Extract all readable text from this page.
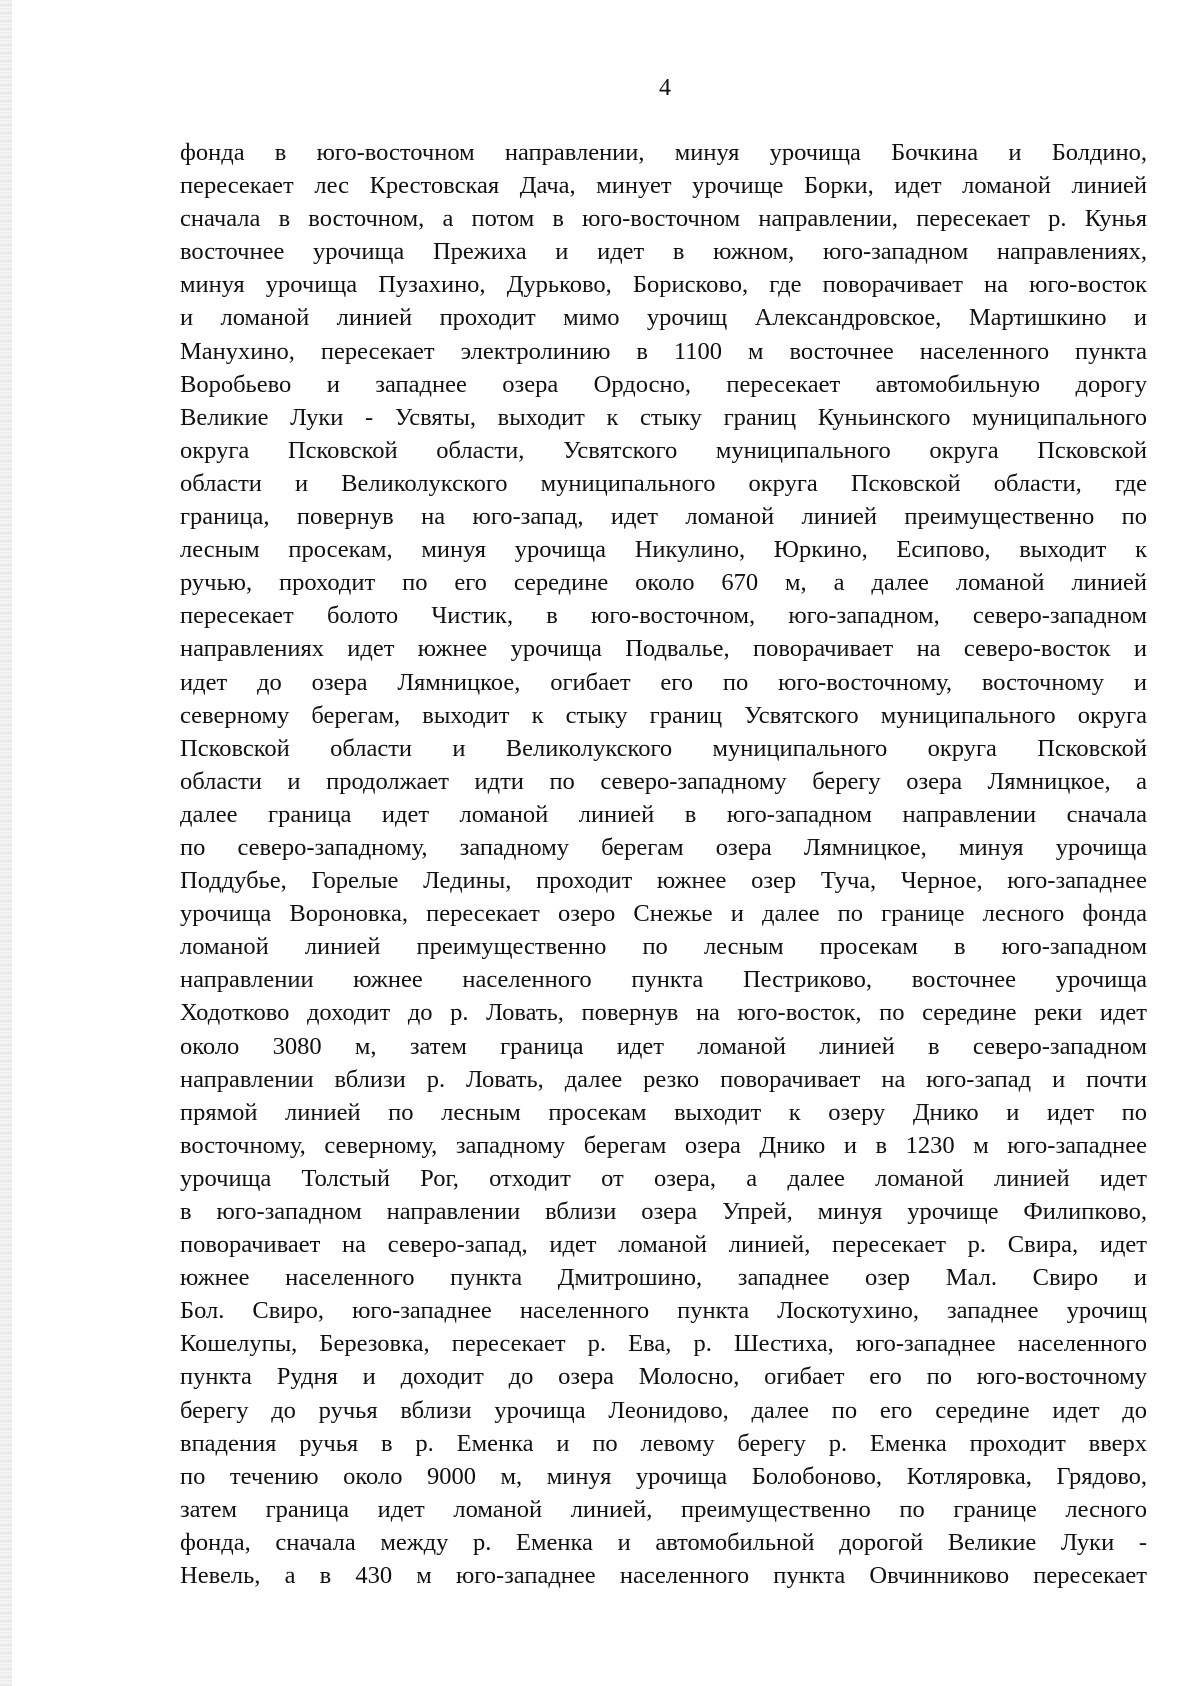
4
фонда в юго-восточном направлении, минуя урочища Бочкина и Болдино,
пересекает лес Крестовская Дача, минует урочище Борки, идет ломаной линией
сначала в восточном, а потом в юго-восточном направлении, пересекает р. Кунья
восточнее урочища Прежиха и идет в южном, юго-западном направлениях,
минуя урочища Пузахино, Дурьково, Борисково, где поворачивает на юго-восток
и ломаной линией проходит мимо урочищ Александровское, Мартишкино и
Манухино, пересекает электролинию в 1100 м восточнее населенного пункта
Воробьево и западнее озера Ордосно, пересекает автомобильную дорогу
Великие Луки - Усвяты, выходит к стыку границ Куньинского муниципального
округа Псковской области, Усвятского муниципального округа Псковской
области и Великолукского муниципального округа Псковской области, где
граница, повернув на юго-запад, идет ломаной линией преимущественно по
лесным просекам, минуя урочища Никулино, Юркино, Есипово, выходит к
ручью, проходит по его середине около 670 м, а далее ломаной линией
пересекает болото Чистик, в юго-восточном, юго-западном, северо-западном
направлениях идет южнее урочища Подвалье, поворачивает на северо-восток и
идет до озера Лямницкое, огибает его по юго-восточному, восточному и
северному берегам, выходит к стыку границ Усвятского муниципального округа
Псковской области и Великолукского муниципального округа Псковской
области и продолжает идти по северо-западному берегу озера Лямницкое, а
далее граница идет ломаной линией в юго-западном направлении сначала
по северо-западному, западному берегам озера Лямницкое, минуя урочища
Поддубье, Горелые Ледины, проходит южнее озер Туча, Черное, юго-западнее
урочища Вороновка, пересекает озеро Снежье и далее по границе лесного фонда
ломаной линией преимущественно по лесным просекам в юго-западном
направлении южнее населенного пункта Пестриково, восточнее урочища
Ходотково доходит до р. Ловать, повернув на юго-восток, по середине реки идет
около 3080 м, затем граница идет ломаной линией в северо-западном
направлении вблизи р. Ловать, далее резко поворачивает на юго-запад и почти
прямой линией по лесным просекам выходит к озеру Днико и идет по
восточному, северному, западному берегам озера Днико и в 1230 м юго-западнее
урочища Толстый Рог, отходит от озера, а далее ломаной линией идет
в юго-западном направлении вблизи озера Упрей, минуя урочище Филипково,
поворачивает на северо-запад, идет ломаной линией, пересекает р. Свира, идет
южнее населенного пункта Дмитрошино, западнее озер Мал. Свиро и
Бол. Свиро, юго-западнее населенного пункта Лоскотухино, западнее урочищ
Кошелупы, Березовка, пересекает р. Ева, р. Шестиха, юго-западнее населенного
пункта Рудня и доходит до озера Молосно, огибает его по юго-восточному
берегу до ручья вблизи урочища Леонидово, далее по его середине идет до
впадения ручья в р. Еменка и по левому берегу р. Еменка проходит вверх
по течению около 9000 м, минуя урочища Болобоново, Котляровка, Грядово,
затем граница идет ломаной линией, преимущественно по границе лесного
фонда, сначала между р. Еменка и автомобильной дорогой Великие Луки -
Невель, а в 430 м юго-западнее населенного пункта Овчинниково пересекает
